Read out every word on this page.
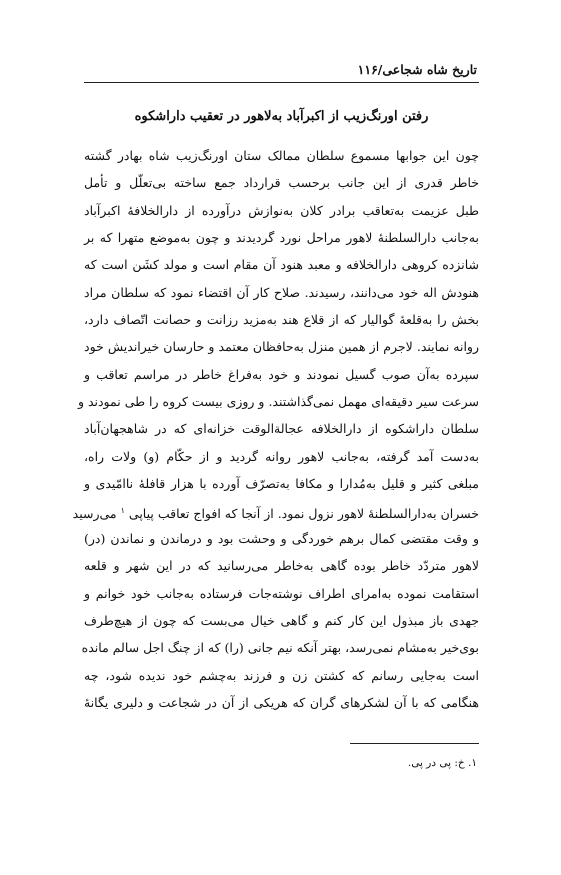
تاریخ شاه شجاعی/۱۱۶
رفتن اورنگ‌زیب از اکبرآباد به‌لاهور در تعقیب داراشکوه
چون این جوابها مسموع سلطان ممالک ستان اورنگ‌زیب شاه بهادر گشته
خاطر قدری از این جانب برحسب قرارداد جمع ساخته بی‌تعلّل و تأمل
طبل عزیمت به‌تعاقب برادر کلان به‌نوازش درآورده از دارالخلافۀ اکبرآباد
به‌جانب دارالسلطنۀ لاهور مراحل نورد گردیدند و چون به‌موضع متهرا که بر
شانزده کروهی دارالخلافه و معبد هنود آن مقام است و مولد کشَن است که
هنودش اله خود می‌دانند، رسیدند. صلاح کار آن اقتضاء نمود که سلطان مراد
بخش را به‌قلعۀ گوالیار که از قلاع هند به‌مزید رزانت و حصانت اتّصاف دارد،
روانه نمایند. لاجرم از همین منزل به‌حافظان معتمد و حارسان خیراندیش خود
سپرده به‌آن صوب گسیل نمودند و خود به‌فراغ خاطر در مراسم تعاقب و
سرعت سیر دقیقه‌ای مهمل نمی‌گذاشتند. و روزی بیست کروه را طی نمودند و
سلطان داراشکوه از دارالخلافه عجالةالوقت خزانه‌ای که در شاهجهان‌آباد
به‌دست آمد گرفته، به‌جانب لاهور روانه گردید و از حکّام (و) ولات راه،
مبلغی کثیر و قلیل به‌مُدارا و مکافا به‌تصرّف آورده با هزار قافلۀ ناامّیدی و
خسران به‌دارالسلطنۀ لاهور نزول نمود. از آنجا که افواج تعاقب پیاپی $^۱$ می‌رسید
و وقت مقتضی کمال برهم خوردگی و وحشت بود و درماندن و نماندن (در)
لاهور متردّد خاطر بوده گاهی به‌خاطر می‌رسانید که در این شهر و قلعه
استقامت نموده به‌امرای اطراف نوشته‌جات فرستاده به‌جانب خود خوانم و
جهدی باز مبذول این کار کنم و گاهی خیال می‌بست که چون از هیچ‌طرف
بوی‌خیر به‌مشام نمی‌رسد، بهتر آنکه نیم جانی (را) که از چنگ اجل سالم مانده
است به‌جایی رسانم که کشتن زن و فرزند به‌چشم خود ندیده شود، چه
هنگامی که با آن لشکرهای گران که هریکی از آن در شجاعت و دلیری یگانۀ
۱. خ: پی در پی.
